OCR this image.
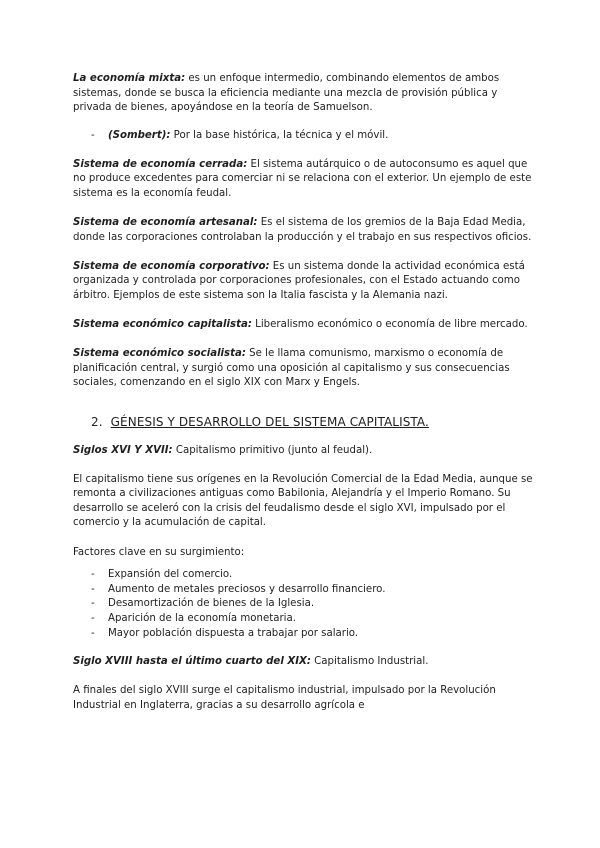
La economía mixta: es un enfoque intermedio, combinando elementos de ambos sistemas, donde se busca la eficiencia mediante una mezcla de provisión pública y privada de bienes, apoyándose en la teoría de Samuelson.

- (Sombert): Por la base histórica, la técnica y el móvil.

Sistema de economía cerrada: El sistema autárquico o de autoconsumo es aquel que no produce excedentes para comerciar ni se relaciona con el exterior. Un ejemplo de este sistema es la economía feudal.

Sistema de economía artesanal: Es el sistema de los gremios de la Baja Edad Media, donde las corporaciones controlaban la producción y el trabajo en sus respectivos oficios.

Sistema de economía corporativo: Es un sistema donde la actividad económica está organizada y controlada por corporaciones profesionales, con el Estado actuando como árbitro. Ejemplos de este sistema son la Italia fascista y la Alemania nazi.

Sistema económico capitalista: Liberalismo económico o economía de libre mercado.

Sistema económico socialista: Se le llama comunismo, marxismo o economía de planificación central, y surgió como una oposición al capitalismo y sus consecuencias sociales, comenzando en el siglo XIX con Marx y Engels.

2. GÉNESIS Y DESARROLLO DEL SISTEMA CAPITALISTA.

Siglos XVI Y XVII: Capitalismo primitivo (junto al feudal).

El capitalismo tiene sus orígenes en la Revolución Comercial de la Edad Media, aunque se remonta a civilizaciones antiguas como Babilonia, Alejandría y el Imperio Romano. Su desarrollo se aceleró con la crisis del feudalismo desde el siglo XVI, impulsado por el comercio y la acumulación de capital.

Factores clave en su surgimiento:

- Expansión del comercio.
- Aumento de metales preciosos y desarrollo financiero.
- Desamortización de bienes de la Iglesia.
- Aparición de la economía monetaria.
- Mayor población dispuesta a trabajar por salario.

Siglo XVIII hasta el último cuarto del XIX: Capitalismo Industrial.

A finales del siglo XVIII surge el capitalismo industrial, impulsado por la Revolución Industrial en Inglaterra, gracias a su desarrollo agrícola e
